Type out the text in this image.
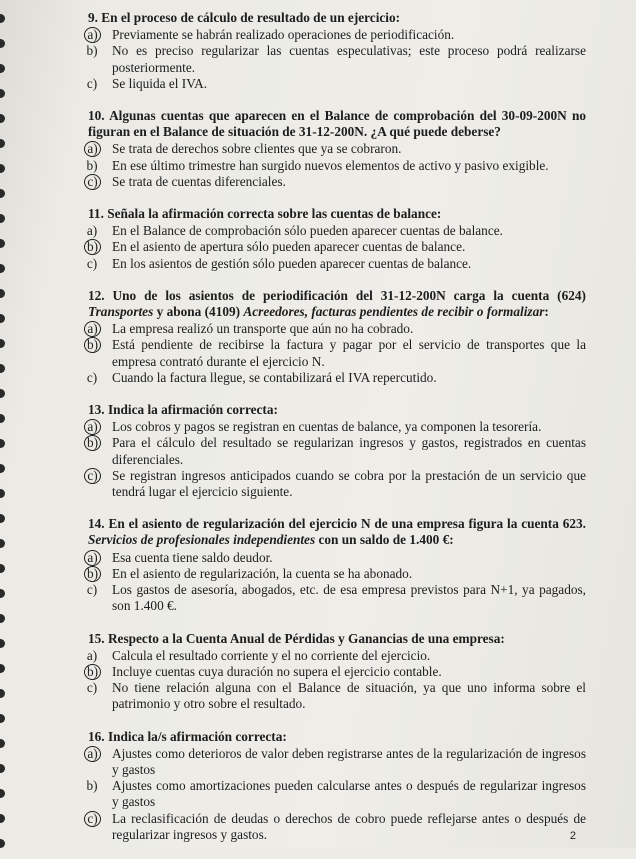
9. En el proceso de cálculo de resultado de un ejercicio:
a) Previamente se habrán realizado operaciones de periodificación.
b) No es preciso regularizar las cuentas especulativas; este proceso podrá realizarse posteriormente.
c) Se liquida el IVA.
10. Algunas cuentas que aparecen en el Balance de comprobación del 30-09-200N no figuran en el Balance de situación de 31-12-200N. ¿A qué puede deberse?
a) Se trata de derechos sobre clientes que ya se cobraron.
b) En ese último trimestre han surgido nuevos elementos de activo y pasivo exigible.
c) Se trata de cuentas diferenciales.
11. Señala la afirmación correcta sobre las cuentas de balance:
a) En el Balance de comprobación sólo pueden aparecer cuentas de balance.
b) En el asiento de apertura sólo pueden aparecer cuentas de balance.
c) En los asientos de gestión sólo pueden aparecer cuentas de balance.
12. Uno de los asientos de periodificación del 31-12-200N carga la cuenta (624) Transportes y abona (4109) Acreedores, facturas pendientes de recibir o formalizar:
a) La empresa realizó un transporte que aún no ha cobrado.
b) Está pendiente de recibirse la factura y pagar por el servicio de transportes que la empresa contrató durante el ejercicio N.
c) Cuando la factura llegue, se contabilizará el IVA repercutido.
13. Indica la afirmación correcta:
a) Los cobros y pagos se registran en cuentas de balance, ya componen la tesorería.
b) Para el cálculo del resultado se regularizan ingresos y gastos, registrados en cuentas diferenciales.
c) Se registran ingresos anticipados cuando se cobra por la prestación de un servicio que tendrá lugar el ejercicio siguiente.
14. En el asiento de regularización del ejercicio N de una empresa figura la cuenta 623. Servicios de profesionales independientes con un saldo de 1.400 €:
a) Esa cuenta tiene saldo deudor.
b) En el asiento de regularización, la cuenta se ha abonado.
c) Los gastos de asesoría, abogados, etc. de esa empresa previstos para N+1, ya pagados, son 1.400 €.
15. Respecto a la Cuenta Anual de Pérdidas y Ganancias de una empresa:
a) Calcula el resultado corriente y el no corriente del ejercicio.
b) Incluye cuentas cuya duración no supera el ejercicio contable.
c) No tiene relación alguna con el Balance de situación, ya que uno informa sobre el patrimonio y otro sobre el resultado.
16. Indica la/s afirmación correcta:
a) Ajustes como deterioros de valor deben registrarse antes de la regularización de ingresos y gastos
b) Ajustes como amortizaciones pueden calcularse antes o después de regularizar ingresos y gastos
c) La reclasificación de deudas o derechos de cobro puede reflejarse antes o después de regularizar ingresos y gastos.	2
